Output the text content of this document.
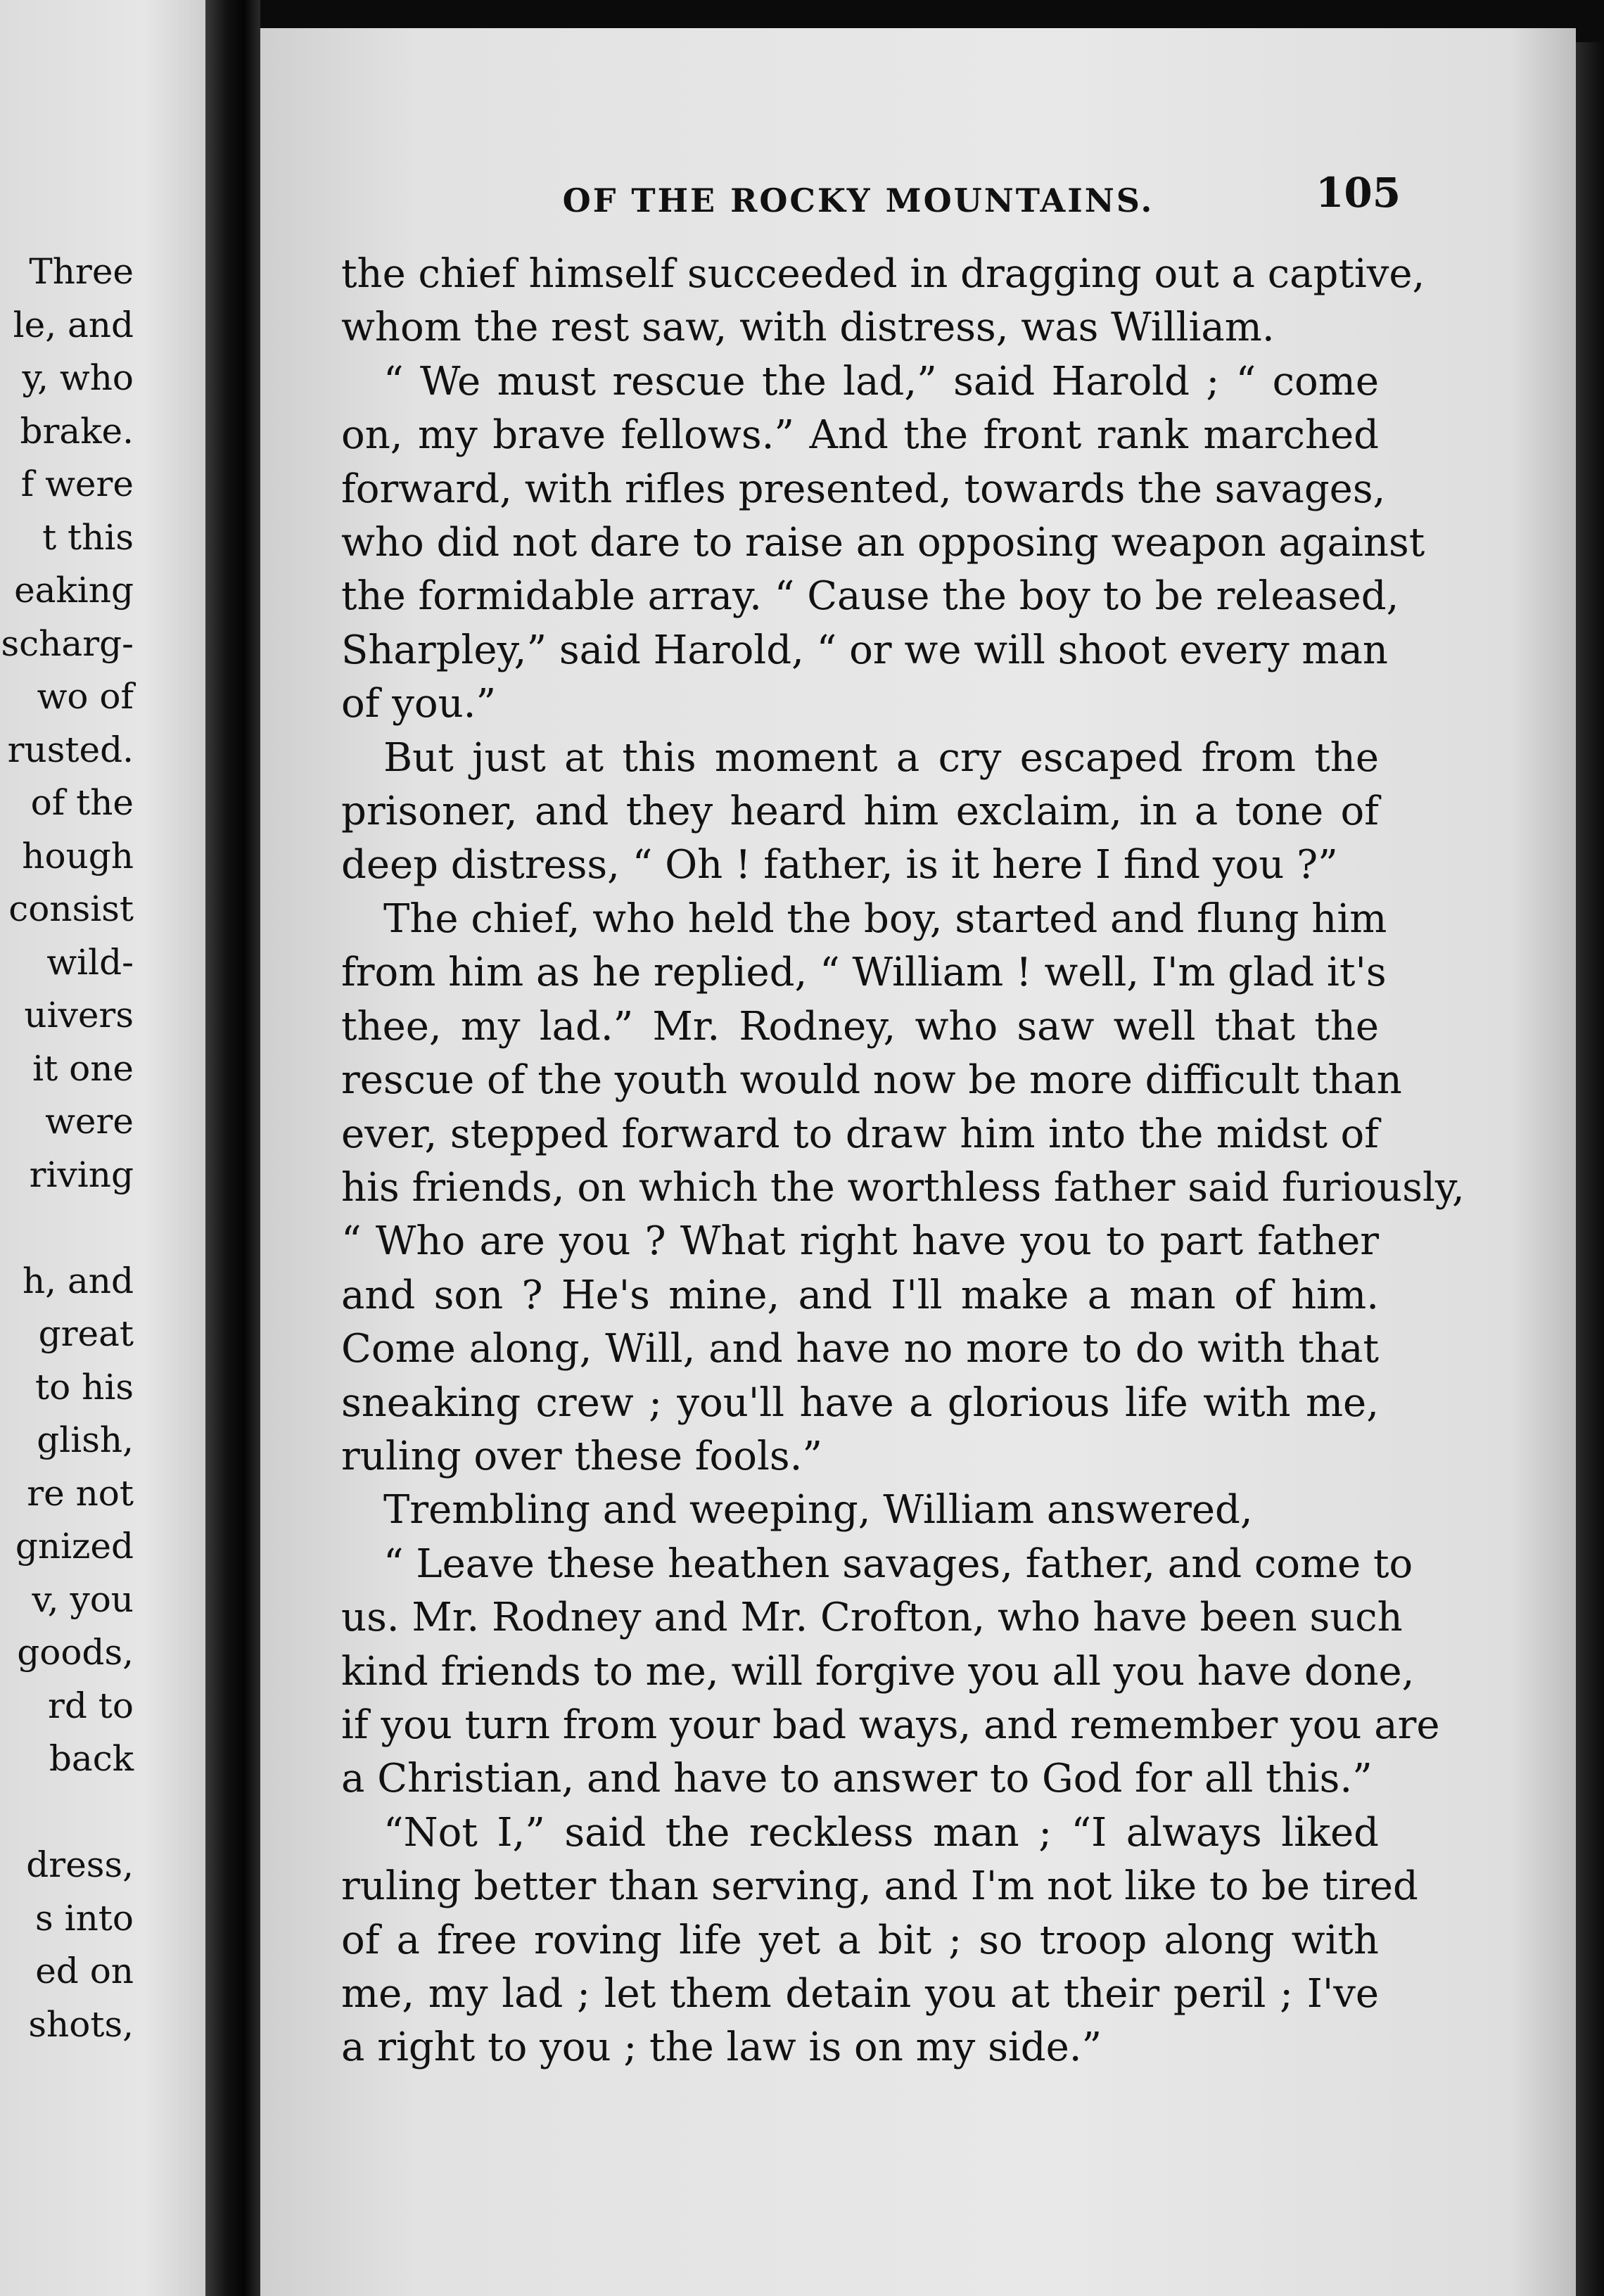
Three
le, and
y, who
brake.
f were
t this
eaking
scharg-
wo of
rusted.
of the
hough
consist
wild-
uivers
it one
were
riving
h, and
great
to his
glish,
re not
gnized
v, you
goods,
rd to
back
dress,
s into
ed on
shots,
OF THE ROCKY MOUNTAINS.	105
the chief himself succeeded in dragging out a captive,
whom the rest saw, with distress, was William.
“ We must rescue the lad,” said Harold ; “ come
on, my brave fellows.” And the front rank marched
forward, with rifles presented, towards the savages,
who did not dare to raise an opposing weapon against
the formidable array. “ Cause the boy to be released,
Sharpley,” said Harold, “ or we will shoot every man
of you.”
But just at this moment a cry escaped from the
prisoner, and they heard him exclaim, in a tone of
deep distress, “ Oh ! father, is it here I find you ?”
The chief, who held the boy, started and flung him
from him as he replied, “ William ! well, I'm glad it's
thee, my lad.” Mr. Rodney, who saw well that the
rescue of the youth would now be more difficult than
ever, stepped forward to draw him into the midst of
his friends, on which the worthless father said furiously,
“ Who are you ? What right have you to part father
and son ? He's mine, and I'll make a man of him.
Come along, Will, and have no more to do with that
sneaking crew ; you'll have a glorious life with me,
ruling over these fools.”
Trembling and weeping, William answered,
“ Leave these heathen savages, father, and come to
us. Mr. Rodney and Mr. Crofton, who have been such
kind friends to me, will forgive you all you have done,
if you turn from your bad ways, and remember you are
a Christian, and have to answer to God for all this.”
“Not I,” said the reckless man ; “I always liked
ruling better than serving, and I'm not like to be tired
of a free roving life yet a bit ; so troop along with
me, my lad ; let them detain you at their peril ; I've
a right to you ; the law is on my side.”
